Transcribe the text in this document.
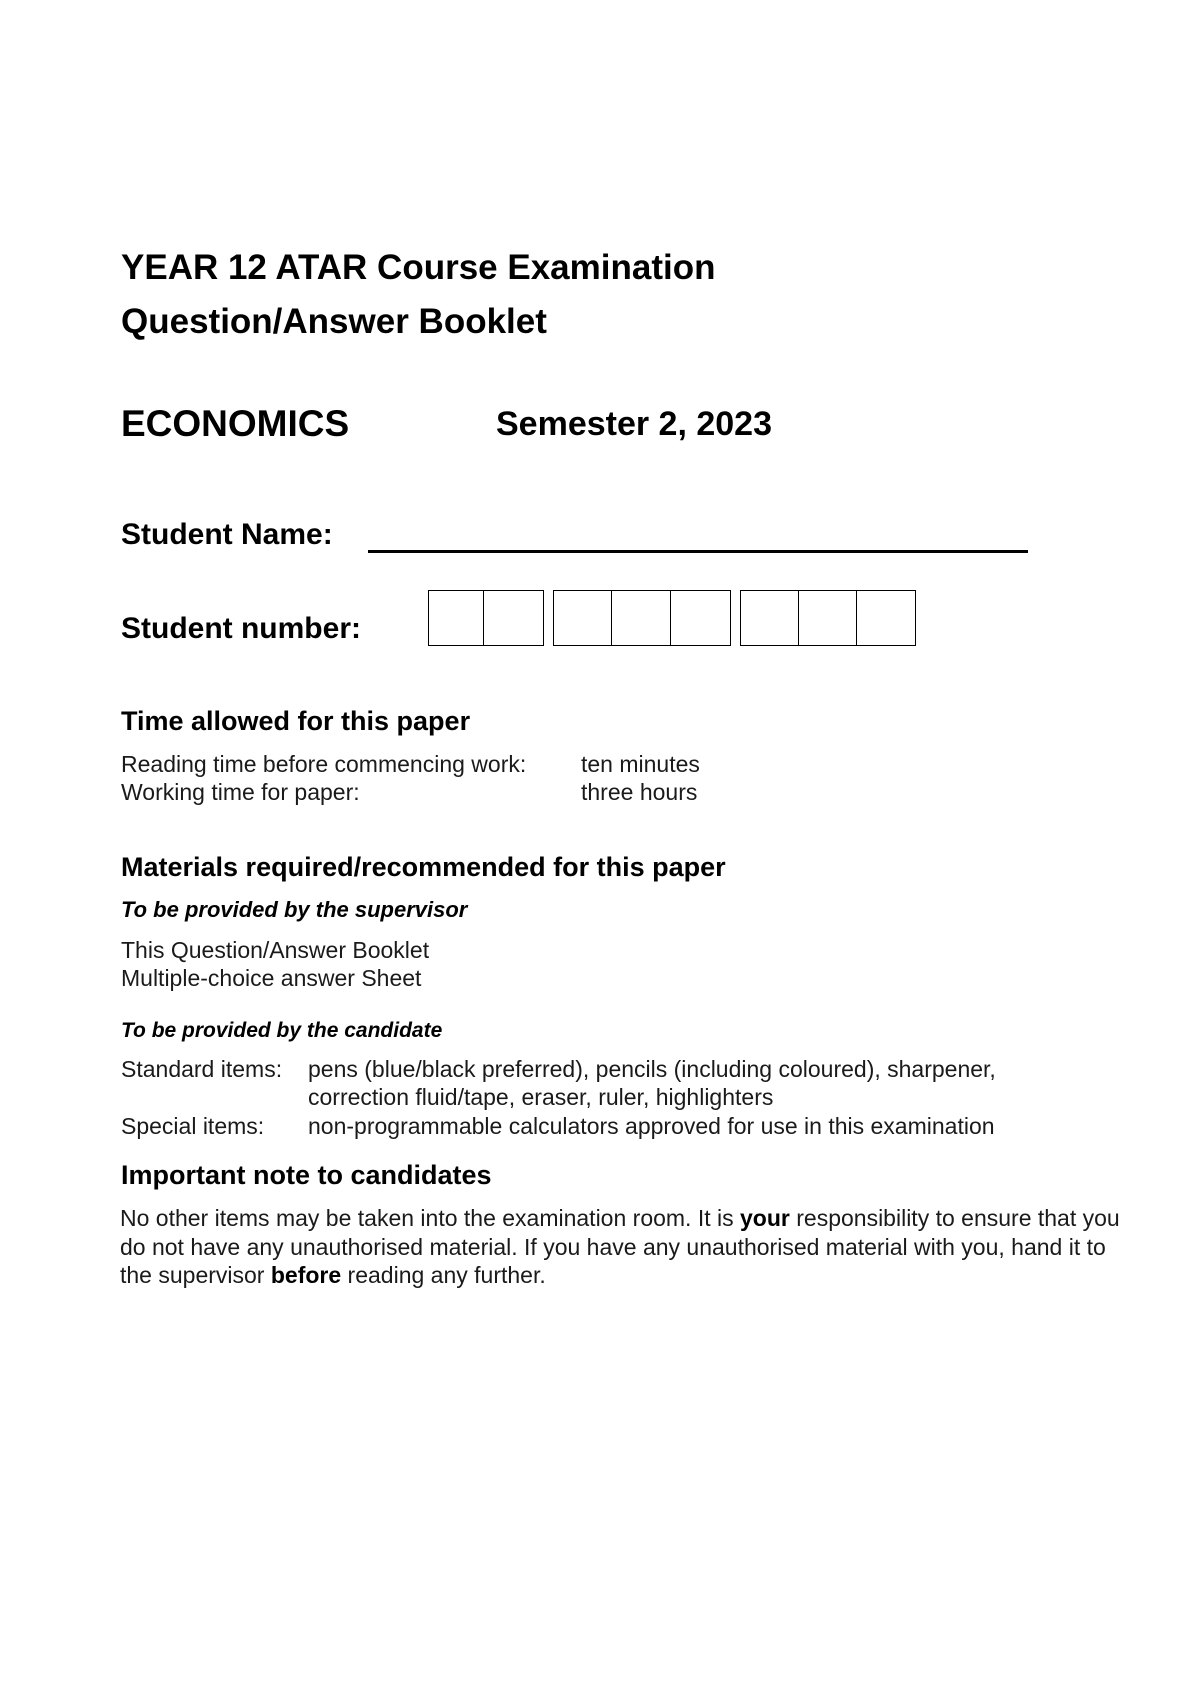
YEAR 12 ATAR Course Examination
Question/Answer Booklet
ECONOMICS	Semester 2, 2023
Student Name:
Student number:
Time allowed for this paper
Reading time before commencing work: ten minutes
Working time for paper:	three hours
Materials required/recommended for this paper
To be provided by the supervisor
This Question/Answer Booklet
Multiple-choice answer Sheet
To be provided by the candidate
Standard items: pens (blue/black preferred), pencils (including coloured), sharpener,
correction fluid/tape, eraser, ruler, highlighters
Special items: non-programmable calculators approved for use in this examination
Important note to candidates
No other items may be taken into the examination room. It is your responsibility to ensure that you do not have any unauthorised material. If you have any unauthorised material with you, hand it to the supervisor before reading any further.
